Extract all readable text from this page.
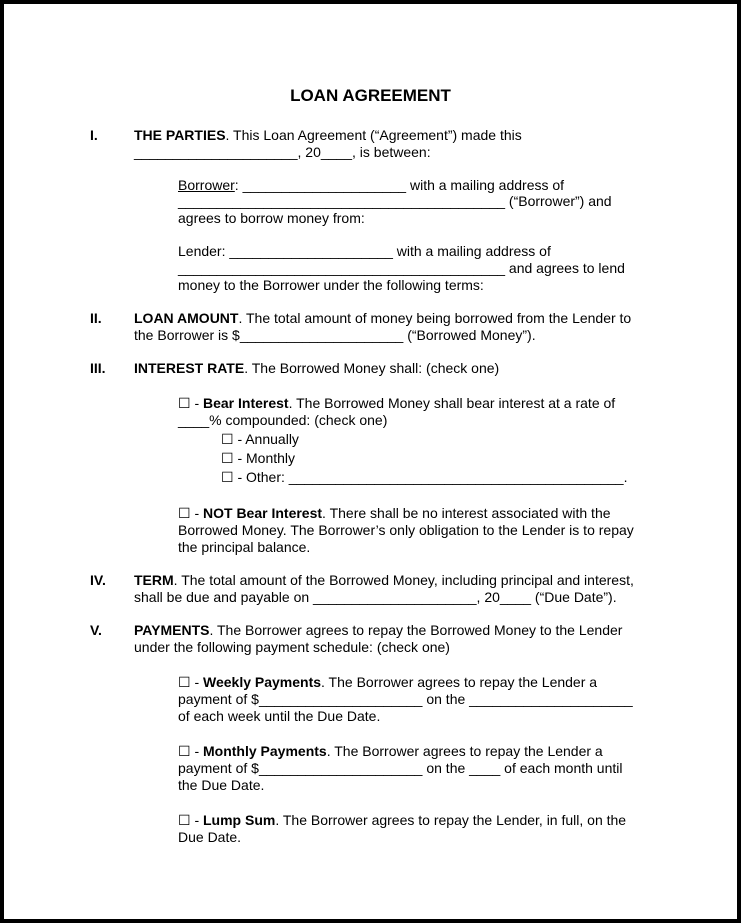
LOAN AGREEMENT
I.	THE PARTIES. This Loan Agreement (“Agreement”) made this
_____________________, 20____, is between:
Borrower: _____________________ with a mailing address of
__________________________________________ (“Borrower”) and
agrees to borrow money from:
Lender: _____________________ with a mailing address of
__________________________________________ and agrees to lend
money to the Borrower under the following terms:
II. LOAN AMOUNT. The total amount of money being borrowed from the Lender to
the Borrower is $_____________________ (“Borrowed Money”).
III. INTEREST RATE. The Borrowed Money shall: (check one)
☐ - Bear Interest. The Borrowed Money shall bear interest at a rate of
____% compounded: (check one)
☐ - Annually
☐ - Monthly
☐ - Other: ___________________________________________.
☐ - NOT Bear Interest. There shall be no interest associated with the
Borrowed Money. The Borrower’s only obligation to the Lender is to repay
the principal balance.
IV. TERM. The total amount of the Borrowed Money, including principal and interest,
shall be due and payable on _____________________, 20____ (“Due Date”).
V. PAYMENTS. The Borrower agrees to repay the Borrowed Money to the Lender
under the following payment schedule: (check one)
☐ - Weekly Payments. The Borrower agrees to repay the Lender a
payment of $_____________________ on the _____________________
of each week until the Due Date.
☐ - Monthly Payments. The Borrower agrees to repay the Lender a
payment of $_____________________ on the ____ of each month until
the Due Date.
☐ - Lump Sum. The Borrower agrees to repay the Lender, in full, on the
Due Date.
